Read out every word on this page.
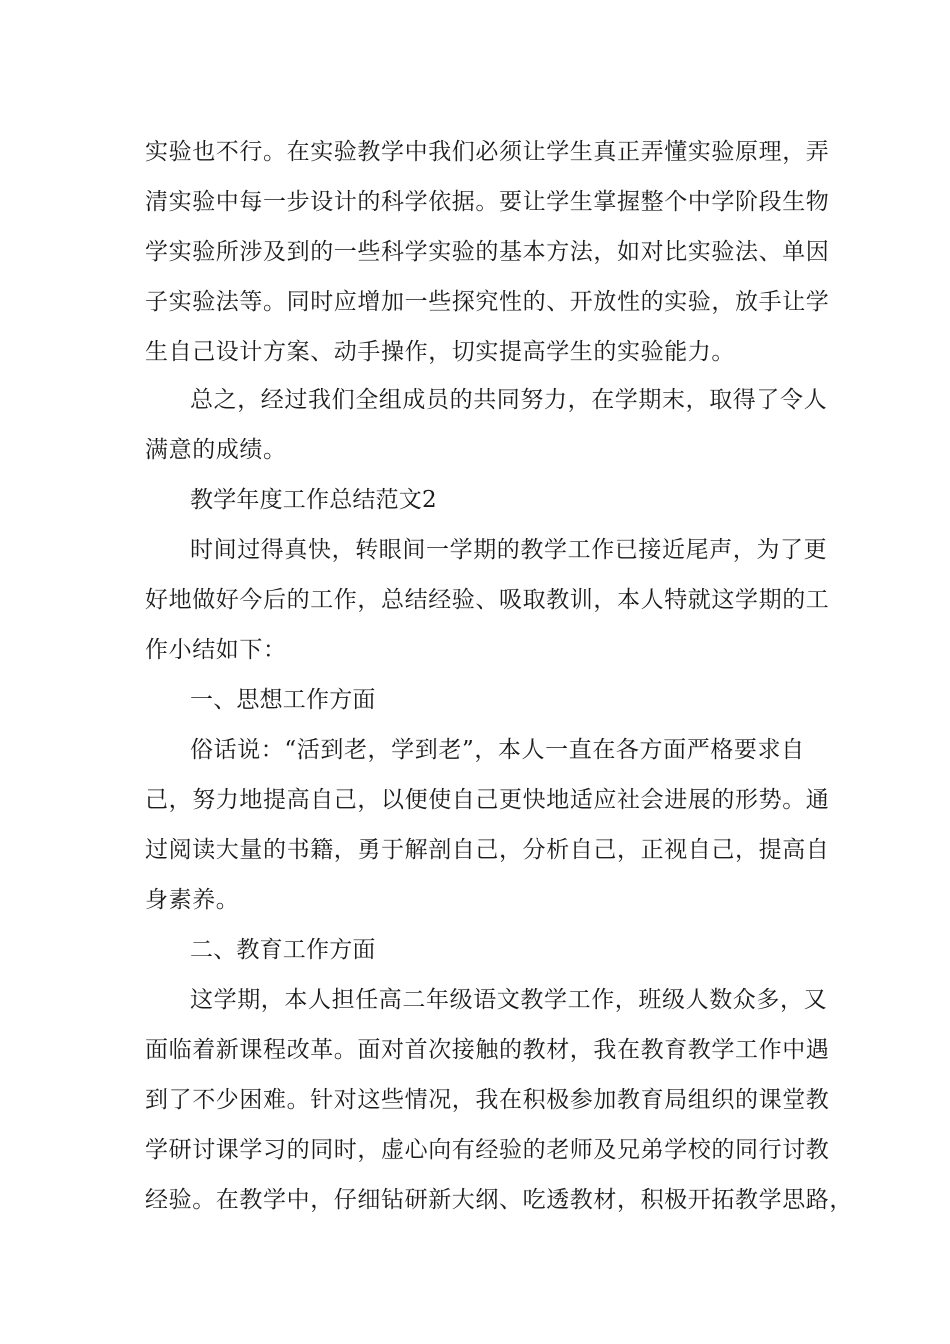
实验也不行。在实验教学中我们必须让学生真正弄懂实验原理，弄

清实验中每一步设计的科学依据。要让学生掌握整个中学阶段生物

学实验所涉及到的一些科学实验的基本方法，如对比实验法、单因

子实验法等。同时应增加一些探究性的、开放性的实验，放手让学

生自己设计方案、动手操作，切实提高学生的实验能力。

总之，经过我们全组成员的共同努力，在学期末，取得了令人

满意的成绩。

教学年度工作总结范文2

时间过得真快，转眼间一学期的教学工作已接近尾声，为了更

好地做好今后的工作，总结经验、吸取教训，本人特就这学期的工

作小结如下：

一、思想工作方面

俗话说：“活到老，学到老”，本人一直在各方面严格要求自

己，努力地提高自己，以便使自己更快地适应社会进展的形势。通

过阅读大量的书籍，勇于解剖自己，分析自己，正视自己，提高自

身素养。

二、教育工作方面

这学期，本人担任高二年级语文教学工作，班级人数众多，又

面临着新课程改革。面对首次接触的教材，我在教育教学工作中遇

到了不少困难。针对这些情况，我在积极参加教育局组织的课堂教

学研讨课学习的同时，虚心向有经验的老师及兄弟学校的同行讨教

经验。在教学中，仔细钻研新大纲、吃透教材，积极开拓教学思路，
